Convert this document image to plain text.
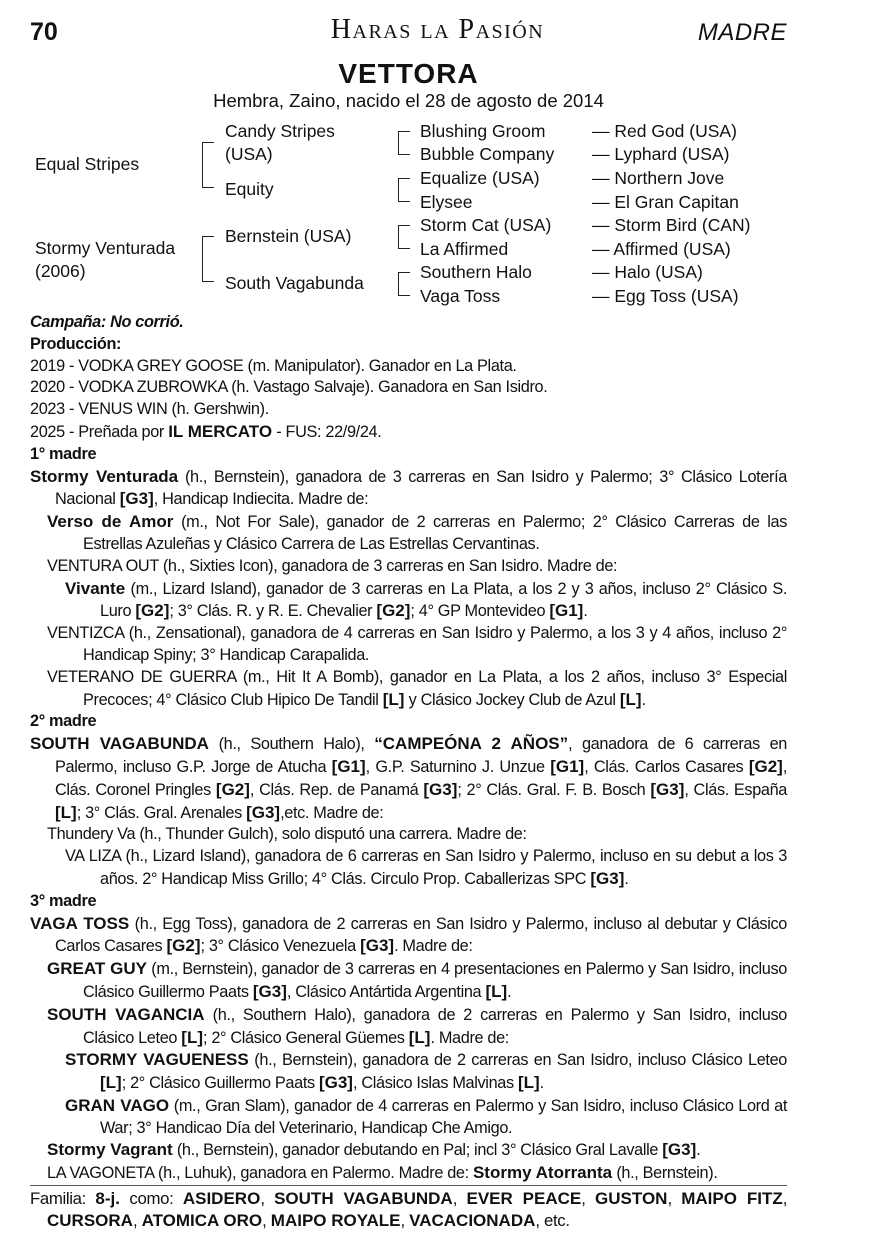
70	Haras la Pasión	MADRE
VETTORA
Hembra, Zaino, nacido el 28 de agosto de 2014
Equal Stripes
Stormy Venturada
(2006)
Candy Stripes
(USA)
Equity
Bernstein (USA)
South Vagabunda
Blushing Groom
Bubble Company
Equalize (USA)
Elysee
Storm Cat (USA)
La Affirmed
Southern Halo
Vaga Toss
— Red God (USA)
— Lyphard (USA)
— Northern Jove
— El Gran Capitan
— Storm Bird (CAN)
— Affirmed (USA)
— Halo (USA)
— Egg Toss (USA)

Campaña: No corrió.

Producción:

2019 - VODKA GREY GOOSE (m. Manipulator). Ganador en La Plata.

2020 - VODKA ZUBROWKA (h. Vastago Salvaje). Ganadora en San Isidro.

2023 - VENUS WIN (h. Gershwin).

2025 - Preñada por IL MERCATO - FUS: 22/9/24.

1° madre

Stormy Venturada (h., Bernstein), ganadora de 3 carreras en San Isidro y Palermo; 3° Clásico Lotería Nacional [G3], Handicap Indiecita. Madre de:

Verso de Amor (m., Not For Sale), ganador de 2 carreras en Palermo; 2° Clásico Carreras de las Estrellas Azuleñas y Clásico Carrera de Las Estrellas Cervantinas.

VENTURA OUT (h., Sixties Icon), ganadora de 3 carreras en San Isidro. Madre de:

Vivante (m., Lizard Island), ganador de 3 carreras en La Plata, a los 2 y 3 años, incluso 2° Clásico S. Luro [G2]; 3° Clás. R. y R. E. Chevalier [G2]; 4° GP Montevideo [G1].

VENTIZCA (h., Zensational), ganadora de 4 carreras en San Isidro y Palermo, a los 3 y 4 años, incluso 2° Handicap Spiny; 3° Handicap Carapalida.

VETERANO DE GUERRA (m., Hit It A Bomb), ganador en La Plata, a los 2 años, incluso 3° Especial Precoces; 4° Clásico Club Hipico De Tandil [L] y Clásico Jockey Club de Azul [L].

2° madre

SOUTH VAGABUNDA (h., Southern Halo), “CAMPEÓNA 2 AÑOS”, ganadora de 6 carreras en Palermo, incluso G.P. Jorge de Atucha [G1], G.P. Saturnino J. Unzue [G1], Clás. Carlos Casares [G2], Clás. Coronel Pringles [G2], Clás. Rep. de Panamá [G3]; 2° Clás. Gral. F. B. Bosch [G3], Clás. España [L]; 3° Clás. Gral. Arenales [G3],etc. Madre de:

Thundery Va (h., Thunder Gulch), solo disputó una carrera. Madre de:

VA LIZA (h., Lizard Island), ganadora de 6 carreras en San Isidro y Palermo, incluso en su debut a los 3 años. 2° Handicap Miss Grillo; 4° Clás. Circulo Prop. Caballerizas SPC [G3].

3° madre

VAGA TOSS (h., Egg Toss), ganadora de 2 carreras en San Isidro y Palermo, incluso al debutar y Clásico Carlos Casares [G2]; 3° Clásico Venezuela [G3]. Madre de:

GREAT GUY (m., Bernstein), ganador de 3 carreras en 4 presentaciones en Palermo y San Isidro, incluso Clásico Guillermo Paats [G3], Clásico Antártida Argentina [L].

SOUTH VAGANCIA (h., Southern Halo), ganadora de 2 carreras en Palermo y San Isidro, incluso Clásico Leteo [L]; 2° Clásico General Güemes [L]. Madre de:

STORMY VAGUENESS (h., Bernstein), ganadora de 2 carreras en San Isidro, incluso Clásico Leteo [L]; 2° Clásico Guillermo Paats [G3], Clásico Islas Malvinas [L].

GRAN VAGO (m., Gran Slam), ganador de 4 carreras en Palermo y San Isidro, incluso Clásico Lord at War; 3° Handicao Día del Veterinario, Handicap Che Amigo.

Stormy Vagrant (h., Bernstein), ganador debutando en Pal; incl 3° Clásico Gral Lavalle [G3].

LA VAGONETA (h., Luhuk), ganadora en Palermo. Madre de: Stormy Atorranta (h., Bernstein).

Familia: 8-j. como: ASIDERO, SOUTH VAGABUNDA, EVER PEACE, GUSTON, MAIPO FITZ, CURSORA, ATOMICA ORO, MAIPO ROYALE, VACACIONADA, etc.
